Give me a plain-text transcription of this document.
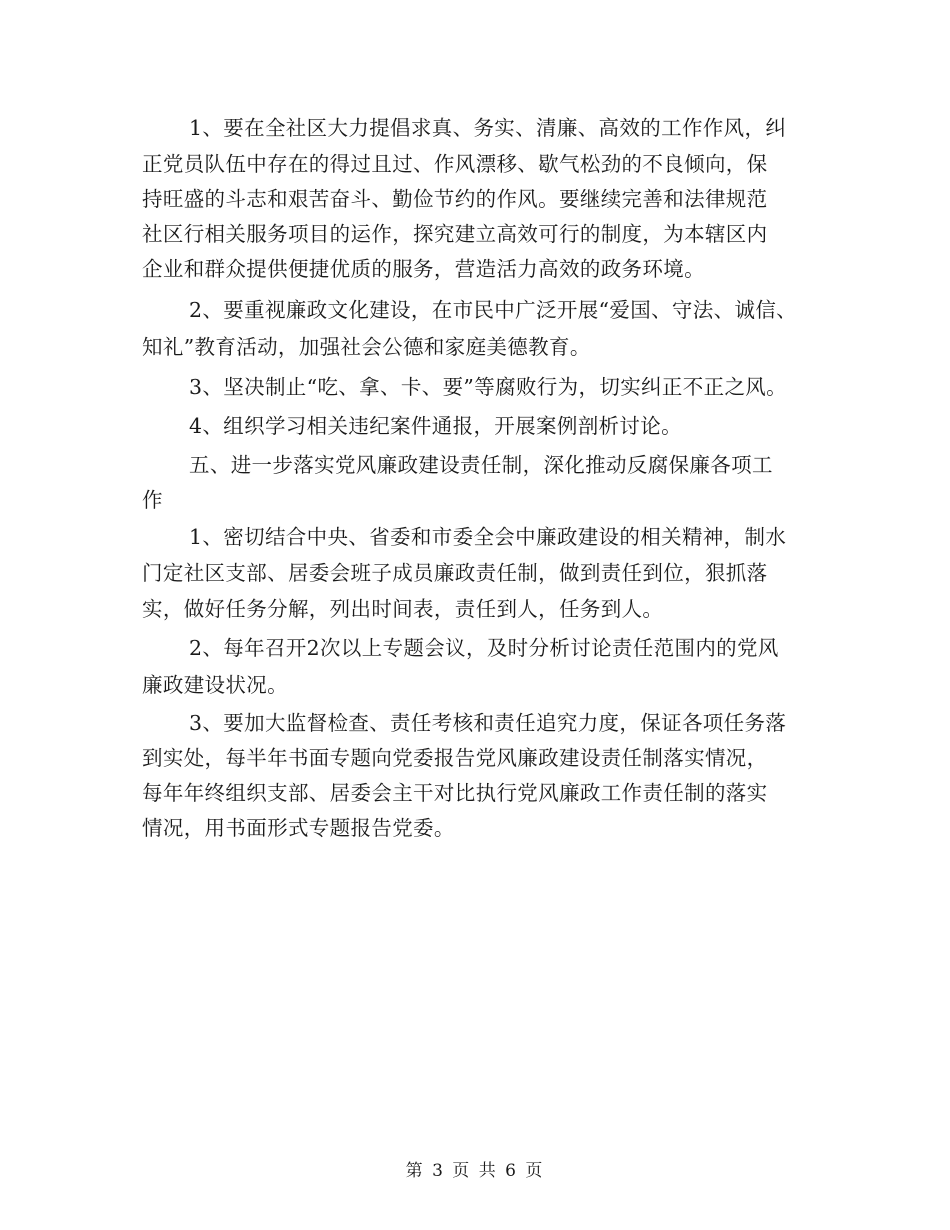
1、要在全社区大力提倡求真、务实、清廉、高效的工作作风，纠
正党员队伍中存在的得过且过、作风漂移、歇气松劲的不良倾向，保
持旺盛的斗志和艰苦奋斗、勤俭节约的作风。要继续完善和法律规范
社区行相关服务项目的运作，探究建立高效可行的制度，为本辖区内
企业和群众提供便捷优质的服务，营造活力高效的政务环境。
2、要重视廉政文化建设，在市民中广泛开展“爱国、守法、诚信、
知礼”教育活动，加强社会公德和家庭美德教育。
3、坚决制止“吃、拿、卡、要”等腐败行为，切实纠正不正之风。
4、组织学习相关违纪案件通报，开展案例剖析讨论。
五、进一步落实党风廉政建设责任制，深化推动反腐保廉各项工
作
1、密切结合中央、省委和市委全会中廉政建设的相关精神，制水
门定社区支部、居委会班子成员廉政责任制，做到责任到位，狠抓落
实，做好任务分解，列出时间表，责任到人，任务到人。
2、每年召开2次以上专题会议，及时分析讨论责任范围内的党风
廉政建设状况。
3、要加大监督检查、责任考核和责任追究力度，保证各项任务落
到实处，每半年书面专题向党委报告党风廉政建设责任制落实情况，
每年年终组织支部、居委会主干对比执行党风廉政工作责任制的落实
情况，用书面形式专题报告党委。
第 3 页 共 6 页
